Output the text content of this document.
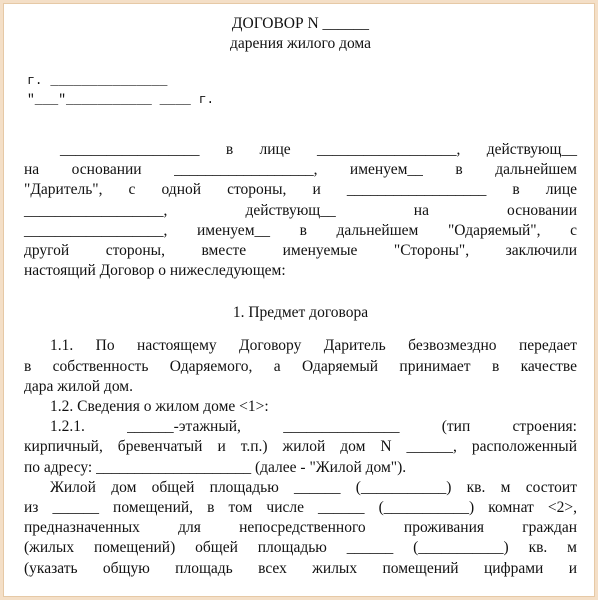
ДОГОВОР N ______
дарения жилого дома
г. _______________
"___"___________ ____ г.
__________________ в лице __________________, действующ__
на основании __________________, именуем__ в дальнейшем
"Даритель", с одной стороны, и __________________ в лице
__________________, действующ__ на основании
__________________, именуем__ в дальнейшем "Одаряемый", с
другой стороны, вместе именуемые "Стороны", заключили
настоящий Договор о нижеследующем:
1. Предмет договора
1.1. По настоящему Договору Даритель безвозмездно передает
в собственность Одаряемого, а Одаряемый принимает в качестве
дара жилой дом.
1.2. Сведения о жилом доме <1>:
1.2.1. ______-этажный, _______________ (тип строения:
кирпичный, бревенчатый и т.п.) жилой дом N ______, расположенный
по адресу: ____________________ (далее - "Жилой дом").
Жилой дом общей площадью ______ (___________) кв. м состоит
из ______ помещений, в том числе ______ (___________) комнат <2>,
предназначенных для непосредственного проживания граждан
(жилых помещений) общей площадью ______ (___________) кв. м
(указать общую площадь всех жилых помещений цифрами и
